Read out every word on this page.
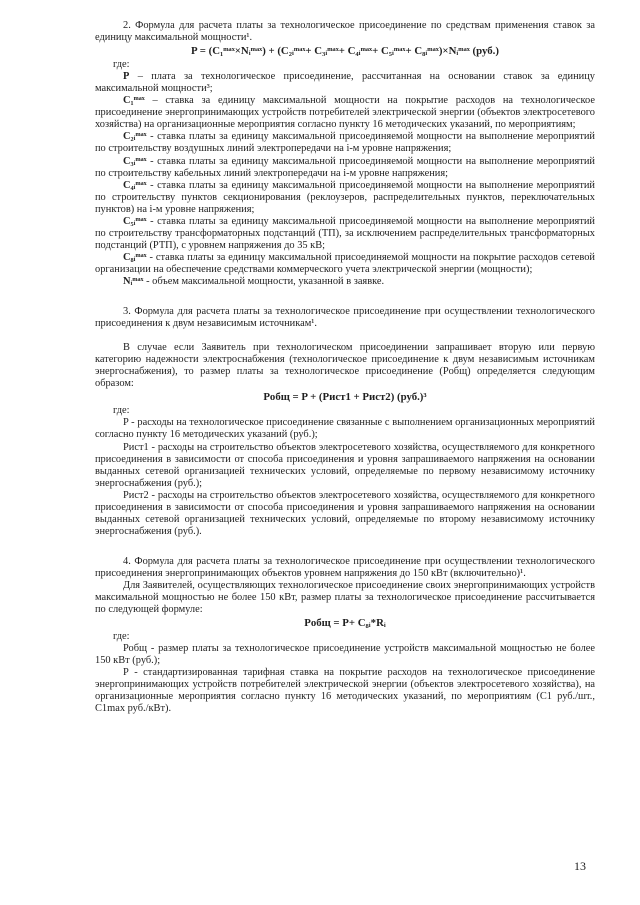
2. Формула для расчета платы за технологическое присоединение по средствам применения ставок за единицу максимальной мощности¹.

P = (C₁ᵐᵃˣ×Nᵢᵐᵃˣ) + (C₂ᵢᵐᵃˣ+ C₃ᵢᵐᵃˣ+ C₄ᵢᵐᵃˣ+ C₅ᵢᵐᵃˣ+ C₈ᵢᵐᵃˣ)×Nᵢᵐᵃˣ (руб.)

где:

Р – плата за технологическое присоединение, рассчитанная на основании ставок за единицу максимальной мощности³;

C₁ᵐᵃˣ – ставка за единицу максимальной мощности на покрытие расходов на технологическое присоединение энергопринимающих устройств потребителей электрической энергии (объектов электросетевого хозяйства) на организационные мероприятия согласно пункту 16 методических указаний, по мероприятиям;

C₂ᵢᵐᵃˣ - ставка платы за единицу максимальной присоединяемой мощности на выполнение мероприятий по строительству воздушных линий электропередачи на i-м уровне напряжения;

C₃ᵢᵐᵃˣ - ставка платы за единицу максимальной присоединяемой мощности на выполнение мероприятий по строительству кабельных линий электропередачи на i-м уровне напряжения;

C₄ᵢᵐᵃˣ - ставка платы за единицу максимальной присоединяемой мощности на выполнение мероприятий по строительству пунктов секционирования (реклоузеров, распределительных пунктов, переключательных пунктов) на i-м уровне напряжения;

C₅ᵢᵐᵃˣ - ставка платы за единицу максимальной присоединяемой мощности на выполнение мероприятий по строительству трансформаторных подстанций (ТП), за исключением распределительных трансформаторных подстанций (РТП), с уровнем напряжения до 35 кВ;

C₈ᵢᵐᵃˣ - ставка платы за единицу максимальной присоединяемой мощности на покрытие расходов сетевой организации на обеспечение средствами коммерческого учета электрической энергии (мощности);

Nᵢᵐᵃˣ - объем максимальной мощности, указанной в заявке.

3. Формула для расчета платы за технологическое присоединение при осуществлении технологического присоединения к двум независимым источникам¹.

В случае если Заявитель при технологическом присоединении запрашивает вторую или первую категорию надежности электроснабжения (технологическое присоединение к двум независимым источникам энергоснабжения), то размер платы за технологическое присоединение (Pобщ) определяется следующим образом:

Pобщ = P + (Pист1 + Pист2) (руб.)³

где:

P - расходы на технологическое присоединение связанные с выполнением организационных мероприятий согласно пункту 16 методических указаний (руб.);

Pист1 - расходы на строительство объектов электросетевого хозяйства, осуществляемого для конкретного присоединения в зависимости от способа присоединения и уровня запрашиваемого напряжения на основании выданных сетевой организацией технических условий, определяемые по первому независимому источнику энергоснабжения (руб.);

Pист2 - расходы на строительство объектов электросетевого хозяйства, осуществляемого для конкретного присоединения в зависимости от способа присоединения и уровня запрашиваемого напряжения на основании выданных сетевой организацией технических условий, определяемые по второму независимому источнику энергоснабжения (руб.).

4. Формула для расчета платы за технологическое присоединение при осуществлении технологического присоединения энергопринимающих объектов уровнем напряжения до 150 кВт (включительно)¹.

Для Заявителей, осуществляющих технологическое присоединение своих энергопринимающих устройств максимальной мощностью не более 150 кВт, размер платы за технологическое присоединение рассчитывается по следующей формуле:

Pобщ = P+ C₈ᵢ*Rᵢ

где:

Робщ - размер платы за технологическое присоединение устройств максимальной мощностью не более 150 кВт (руб.);

Р - стандартизированная тарифная ставка на покрытие расходов на технологическое присоединение энергопринимающих устройств потребителей электрической энергии (объектов электросетевого хозяйства), на организационные мероприятия согласно пункту 16 методических указаний, по мероприятиям (С1 руб./шт., С1max руб./кВт).

13
